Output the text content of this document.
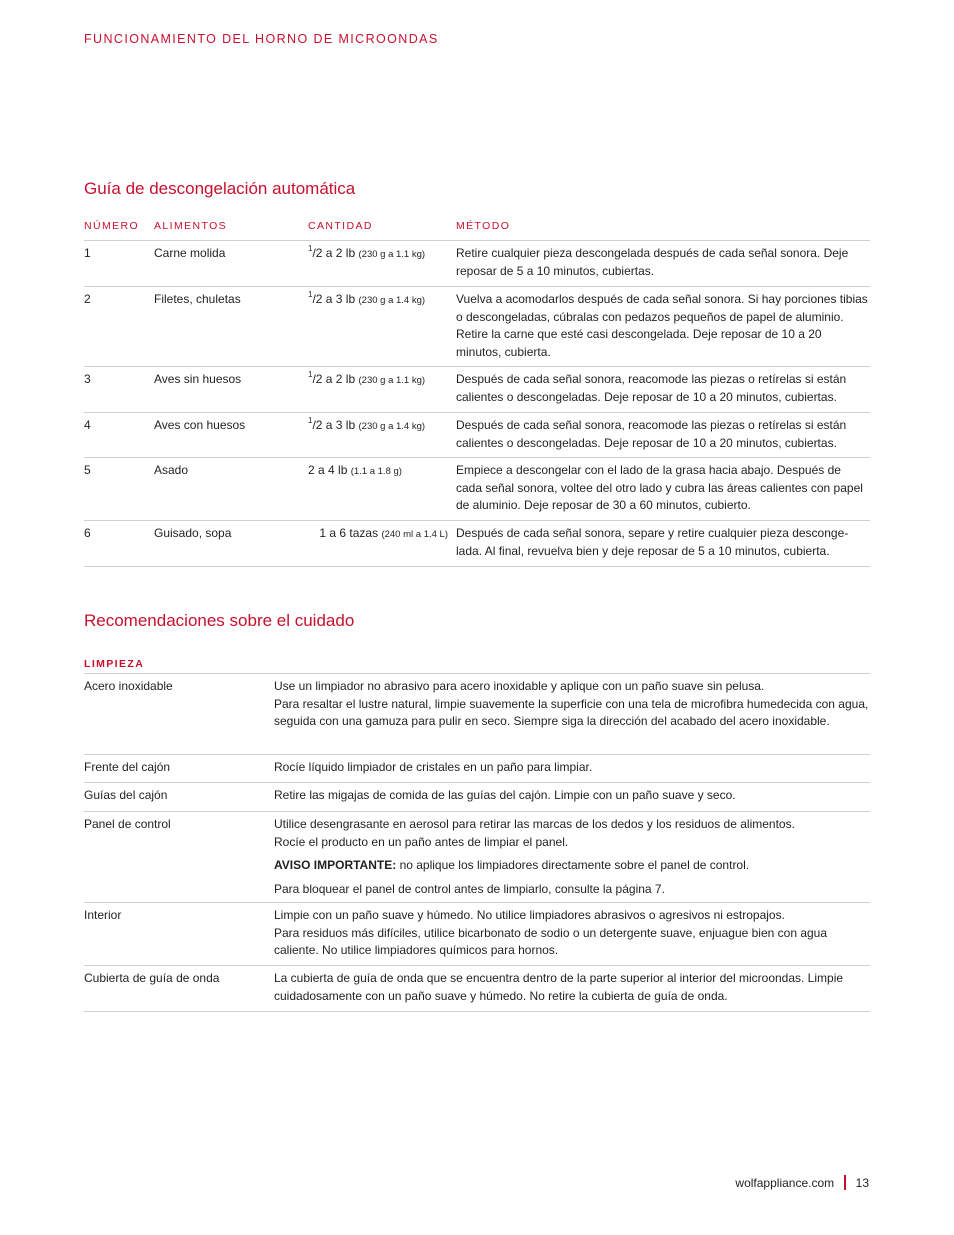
FUNCIONAMIENTO DEL HORNO DE MICROONDAS
Guía de descongelación automática
NÚMERO	ALIMENTOS	CANTIDAD	MÉTODO
1	Carne molida	$^1$/2 a 2 lb (230 g a 1.1 kg)	Retire cualquier pieza descongelada después de cada señal sonora. Deje reposar de 5 a 10 minutos, cubiertas.
2	Filetes, chuletas	$^1$/2 a 3 lb (230 g a 1.4 kg)	Vuelva a acomodarlos después de cada señal sonora. Si hay porciones tibias o descongeladas, cúbralas con pedazos pequeños de papel de aluminio. Retire la carne que esté casi descongelada. Deje reposar de 10 a 20 minutos, cubierta.
3	Aves sin huesos	$^1$/2 a 2 lb (230 g a 1.1 kg)	Después de cada señal sonora, reacomode las piezas o retírelas si están calientes o descongeladas. Deje reposar de 10 a 20 minutos, cubiertas.
4	Aves con huesos	$^1$/2 a 3 lb (230 g a 1.4 kg)	Después de cada señal sonora, reacomode las piezas o retírelas si están calientes o descongeladas. Deje reposar de 10 a 20 minutos, cubiertas.
5	Asado	2 a 4 lb (1.1 a 1.8 g)	Empiece a descongelar con el lado de la grasa hacia abajo. Después de cada señal sonora, voltee del otro lado y cubra las áreas calientes con papel de aluminio. Deje reposar de 30 a 60 minutos, cubierto.
6	Guisado, sopa	1 a 6 tazas (240 ml a 1.4 L) Después de cada señal sonora, separe y retire cualquier pieza desconge-lada. Al final, revuelva bien y deje reposar de 5 a 10 minutos, cubierta.
Recomendaciones sobre el cuidado
LIMPIEZA
Acero inoxidable	Use un limpiador no abrasivo para acero inoxidable y aplique con un paño suave sin pelusa.

Para resaltar el lustre natural, limpie suavemente la superficie con una tela de microfibra humedecida con agua, seguida con una gamuza para pulir en seco. Siempre siga la dirección del acabado del acero inoxidable.

Frente del cajón	Rocíe líquido limpiador de cristales en un paño para limpiar.

Guías del cajón	Retire las migajas de comida de las guías del cajón. Limpie con un paño suave y seco.

Panel de control	Utilice desengrasante en aerosol para retirar las marcas de los dedos y los residuos de alimentos.

Rocíe el producto en un paño antes de limpiar el panel.

AVISO IMPORTANTE: no aplique los limpiadores directamente sobre el panel de control.

Para bloquear el panel de control antes de limpiarlo, consulte la página 7.

Interior	Limpie con un paño suave y húmedo. No utilice limpiadores abrasivos o agresivos ni estropajos.

Para residuos más difíciles, utilice bicarbonato de sodio o un detergente suave, enjuague bien con agua caliente. No utilice limpiadores químicos para hornos.

Cubierta de guía de onda	La cubierta de guía de onda que se encuentra dentro de la parte superior al interior del microondas. Limpie cuidadosamente con un paño suave y húmedo. No retire la cubierta de guía de onda.

wolfappliance.com 13
